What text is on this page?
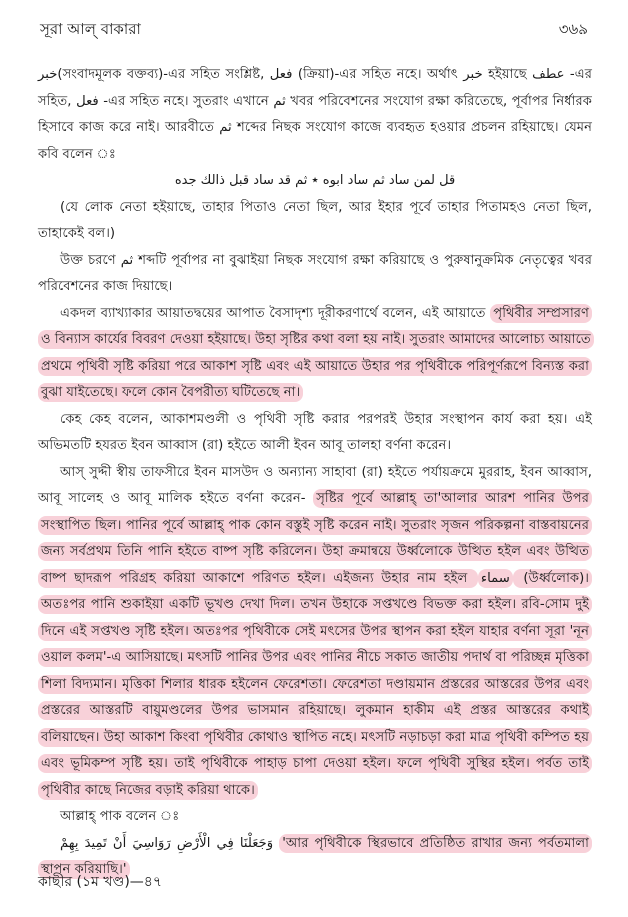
সূরা আল্ বাকারা	৩৬৯

خبر(সংবাদমূলক বক্তব্য)-এর সহিত সংশ্লিষ্ট, فعل (ক্রিয়া)-এর সহিত নহে। অর্থাৎ خبر হইয়াছে عطف -এর সহিত, فعل -এর সহিত নহে। সুতরাং এখানে ثم খবর পরিবেশনের সংযোগ রক্ষা করিতেছে, পূর্বাপর নির্ধারক হিসাবে কাজ করে নাই। আরবীতে ثم শব্দের নিছক সংযোগ কাজে ব্যবহৃত হওয়ার প্রচলন রহিয়াছে। যেমন কবি বলেন ঃ

قل لمن ساد ثم ساد ابوه ٭ ثم قد ساد قبل ذالك جده

(যে লোক নেতা হইয়াছে, তাহার পিতাও নেতা ছিল, আর ইহার পূর্বে তাহার পিতামহও নেতা ছিল, তাহাকেই বল।)

উক্ত চরণে ثم শব্দটি পূর্বাপর না বুঝাইয়া নিছক সংযোগ রক্ষা করিয়াছে ও পুরুষানুক্রমিক নেতৃত্বের খবর পরিবেশনের কাজ দিয়াছে।

একদল ব্যাখ্যাকার আয়াতদ্বয়ের আপাত বৈসাদৃশ্য দূরীকরণার্থে বলেন, এই আয়াতে পৃথিবীর সম্প্রসারণ ও বিন্যাস কার্যের বিবরণ দেওয়া হইয়াছে। উহা সৃষ্টির কথা বলা হয় নাই। সুতরাং আমাদের আলোচ্য আয়াতে প্রথমে পৃথিবী সৃষ্টি করিয়া পরে আকাশ সৃষ্টি এবং এই আয়াতে উহার পর পৃথিবীকে পরিপূর্ণরূপে বিন্যস্ত করা বুঝা যাইতেছে। ফলে কোন বৈপরীত্য ঘটিতেছে না।

কেহ কেহ বলেন, আকাশমণ্ডলী ও পৃথিবী সৃষ্টি করার পরপরই উহার সংস্থাপন কার্য করা হয়। এই অভিমতটি হযরত ইবন আব্বাস (রা) হইতে আলী ইবন আবূ তালহা বর্ণনা করেন।

আস্ সুদ্দী স্বীয় তাফসীরে ইবন মাসউদ ও অন্যান্য সাহাবা (রা) হইতে পর্যায়ক্রমে মুররাহ, ইবন আব্বাস, আবূ সালেহ ও আবূ মালিক হইতে বর্ণনা করেন- সৃষ্টির পূর্বে আল্লাহ্ তা'আলার আরশ পানির উপর সংস্থাপিত ছিল। পানির পূর্বে আল্লাহ্ পাক কোন বস্তুই সৃষ্টি করেন নাই। সুতরাং সৃজন পরিকল্পনা বাস্তবায়নের জন্য সর্বপ্রথম তিনি পানি হইতে বাষ্প সৃষ্টি করিলেন। উহা ক্রমান্বয়ে উর্ধ্বলোকে উত্থিত হইল এবং উত্থিত বাষ্প ছাদরূপ পরিগ্রহ করিয়া আকাশে পরিণত হইল। এইজন্য উহার নাম হইল سماء (উর্ধ্বলোক)। অতঃপর পানি শুকাইয়া একটি ভূখণ্ড দেখা দিল। তখন উহাকে সপ্তখণ্ডে বিভক্ত করা হইল। রবি-সোম দুই দিনে এই সপ্তখণ্ড সৃষ্টি হইল। অতঃপর পৃথিবীকে সেই মৎসের উপর স্থাপন করা হইল যাহার বর্ণনা সূরা 'নূন ওয়াল কলম'-এ আসিয়াছে। মৎসটি পানির উপর এবং পানির নীচে সকাত জাতীয় পদার্থ বা পরিচ্ছন্ন মৃত্তিকা শিলা বিদ্যমান। মৃত্তিকা শিলার ধারক হইলেন ফেরেশতা। ফেরেশতা দণ্ডায়মান প্রস্তরের আস্তরের উপর এবং প্রস্তরের আস্তরটি বায়ুমণ্ডলের উপর ভাসমান রহিয়াছে। লুকমান হাকীম এই প্রস্তর আস্তরের কথাই বলিয়াছেন। উহা আকাশ কিংবা পৃথিবীর কোথাও স্থাপিত নহে। মৎসটি নড়াচড়া করা মাত্র পৃথিবী কম্পিত হয় এবং ভূমিকম্প সৃষ্টি হয়। তাই পৃথিবীকে পাহাড় চাপা দেওয়া হইল। ফলে পৃথিবী সুস্থির হইল। পর্বত তাই পৃথিবীর কাছে নিজের বড়াই করিয়া থাকে।

আল্লাহ্ পাক বলেন ঃ

وَجَعَلْنَا فِي الْأَرْضِ رَوَاسِيَ أَنْ تَمِيدَ بِهِمْ 'আর পৃথিবীকে স্থিরভাবে প্রতিষ্ঠিত রাখার জন্য পর্বতমালা স্থাপন করিয়াছি।'

কাছীর (১ম খণ্ড)—৪৭
